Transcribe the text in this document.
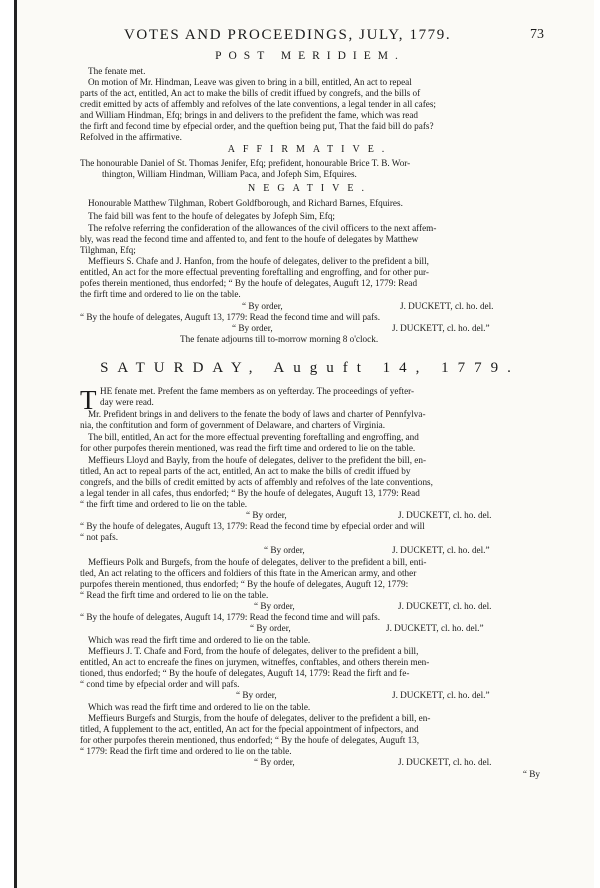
VOTES AND PROCEEDINGS, JULY, 1779.	73
POST MERIDIEM.
The fenate met.
On motion of Mr. Hindman, Leave was given to bring in a bill, entitled, An act to repeal
parts of the act, entitled, An act to make the bills of credit iffued by congrefs, and the bills of
credit emitted by acts of affembly and refolves of the late conventions, a legal tender in all cafes;
and William Hindman, Efq; brings in and delivers to the prefident the fame, which was read
the firft and fecond time by efpecial order, and the queftion being put, That the faid bill do pafs?
Refolved in the affirmative.
AFFIRMATIVE.
The honourable Daniel of St. Thomas Jenifer, Efq; prefident, honourable Brice T. B. Wor-
thington, William Hindman, William Paca, and Jofeph Sim, Efquires.
NEGATIVE.
Honourable Matthew Tilghman, Robert Goldfborough, and Richard Barnes, Efquires.
The faid bill was fent to the houfe of delegates by Jofeph Sim, Efq;
The refolve referring the confideration of the allowances of the civil officers to the next affem-
bly, was read the fecond time and affented to, and fent to the houfe of delegates by Matthew
Tilghman, Efq;
Meffieurs S. Chafe and J. Hanfon, from the houfe of delegates, deliver to the prefident a bill,
entitled, An act for the more effectual preventing foreftalling and engroffing, and for other pur-
pofes therein mentioned, thus endorfed; “ By the houfe of delegates, Auguft 12, 1779: Read
the firft time and ordered to lie on the table.
“ By order,	J. DUCKETT, cl. ho. del.
“ By the houfe of delegates, Auguft 13, 1779: Read the fecond time and will pafs.
“ By order,	J. DUCKETT, cl. ho. del.”
The fenate adjourns till to-morrow morning 8 o'clock.
SATURDAY, Auguft 14, 1779.
T HE fenate met. Prefent the fame members as on yefterday. The proceedings of yefter-
day were read.
Mr. Prefident brings in and delivers to the fenate the body of laws and charter of Pennfylva-
nia, the conftitution and form of government of Delaware, and charters of Virginia.
The bill, entitled, An act for the more effectual preventing foreftalling and engroffing, and
for other purpofes therein mentioned, was read the firft time and ordered to lie on the table.
Meffieurs Lloyd and Bayly, from the houfe of delegates, deliver to the prefident the bill, en-
titled, An act to repeal parts of the act, entitled, An act to make the bills of credit iffued by
congrefs, and the bills of credit emitted by acts of affembly and refolves of the late conventions,
a legal tender in all cafes, thus endorfed; “ By the houfe of delegates, Auguft 13, 1779: Read
“ the firft time and ordered to lie on the table.
“ By order,	J. DUCKETT, cl. ho. del.
“ By the houfe of delegates, Auguft 13, 1779: Read the fecond time by efpecial order and will
“ not pafs.
“ By order,	J. DUCKETT, cl. ho. del.”
Meffieurs Polk and Burgefs, from the houfe of delegates, deliver to the prefident a bill, enti-
tled, An act relating to the officers and foldiers of this ftate in the American army, and other
purpofes therein mentioned, thus endorfed; “ By the houfe of delegates, Auguft 12, 1779:
“ Read the firft time and ordered to lie on the table.
“ By order,	J. DUCKETT, cl. ho. del.
“ By the houfe of delegates, Auguft 14, 1779: Read the fecond time and will pafs.
“ By order,	J. DUCKETT, cl. ho. del.”
Which was read the firft time and ordered to lie on the table.
Meffieurs J. T. Chafe and Ford, from the houfe of delegates, deliver to the prefident a bill,
entitled, An act to encreafe the fines on jurymen, witneffes, conftables, and others therein men-
tioned, thus endorfed; “ By the houfe of delegates, Auguft 14, 1779: Read the firft and fe-
“ cond time by efpecial order and will pafs.
“ By order,	J. DUCKETT, cl. ho. del.”
Which was read the firft time and ordered to lie on the table.
Meffieurs Burgefs and Sturgis, from the houfe of delegates, deliver to the prefident a bill, en-
titled, A fupplement to the act, entitled, An act for the fpecial appointment of infpectors, and
for other purpofes therein mentioned, thus endorfed; “ By the houfe of delegates, Auguft 13,
“ 1779: Read the firft time and ordered to lie on the table.
“ By order,	J. DUCKETT, cl. ho. del.
“ By
